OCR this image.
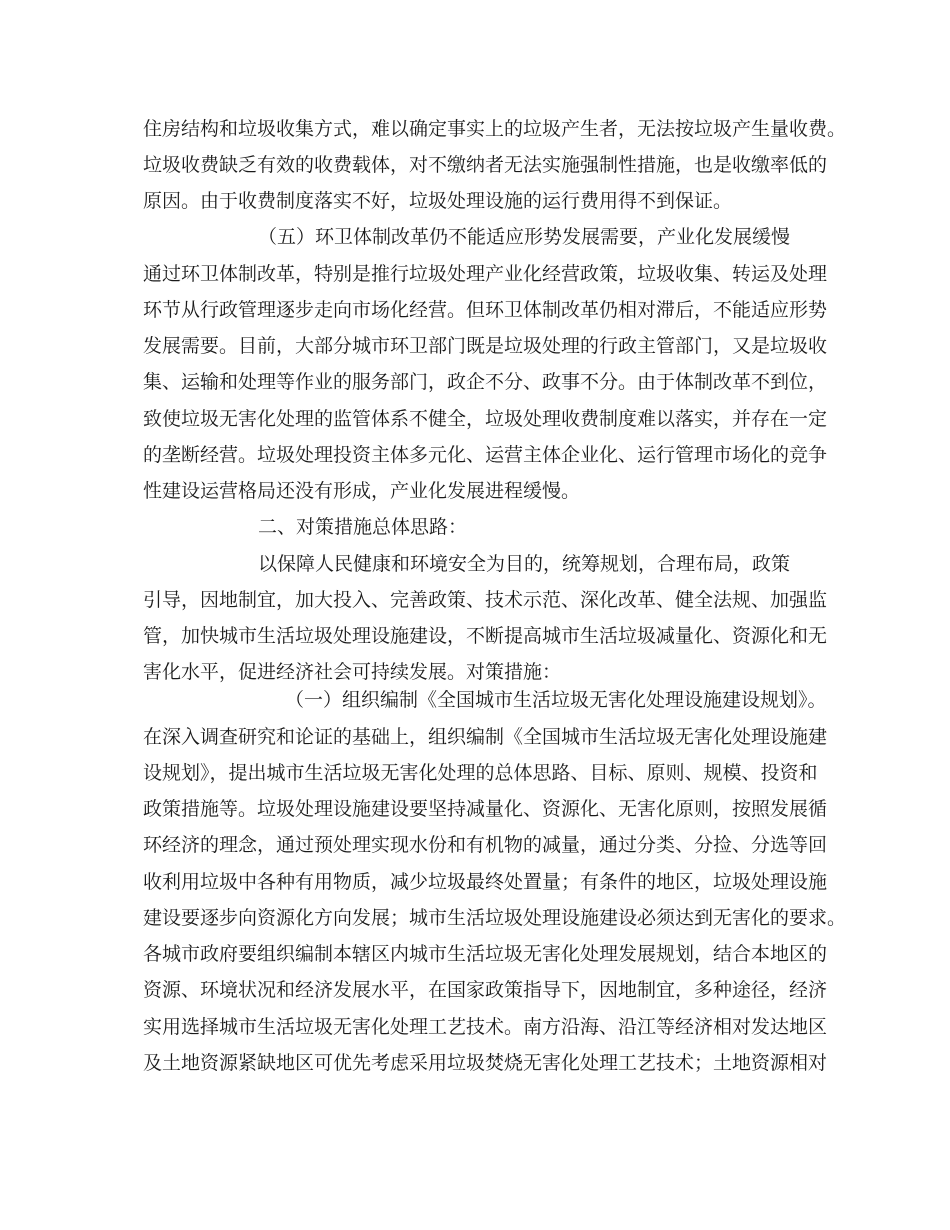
住房结构和垃圾收集方式，难以确定事实上的垃圾产生者，无法按垃圾产生量收费。
垃圾收费缺乏有效的收费载体，对不缴纳者无法实施强制性措施，也是收缴率低的
原因。由于收费制度落实不好，垃圾处理设施的运行费用得不到保证。
（五）环卫体制改革仍不能适应形势发展需要，产业化发展缓慢
通过环卫体制改革，特别是推行垃圾处理产业化经营政策，垃圾收集、转运及处理
环节从行政管理逐步走向市场化经营。但环卫体制改革仍相对滞后，不能适应形势
发展需要。目前，大部分城市环卫部门既是垃圾处理的行政主管部门，又是垃圾收
集、运输和处理等作业的服务部门，政企不分、政事不分。由于体制改革不到位，
致使垃圾无害化处理的监管体系不健全，垃圾处理收费制度难以落实，并存在一定
的垄断经营。垃圾处理投资主体多元化、运营主体企业化、运行管理市场化的竞争
性建设运营格局还没有形成，产业化发展进程缓慢。
二、对策措施总体思路：
以保障人民健康和环境安全为目的，统筹规划，合理布局，政策
引导，因地制宜，加大投入、完善政策、技术示范、深化改革、健全法规、加强监
管，加快城市生活垃圾处理设施建设，不断提高城市生活垃圾减量化、资源化和无
害化水平，促进经济社会可持续发展。对策措施：
（一）组织编制《全国城市生活垃圾无害化处理设施建设规划》。
在深入调查研究和论证的基础上，组织编制《全国城市生活垃圾无害化处理设施建
设规划》，提出城市生活垃圾无害化处理的总体思路、目标、原则、规模、投资和
政策措施等。垃圾处理设施建设要坚持减量化、资源化、无害化原则，按照发展循
环经济的理念，通过预处理实现水份和有机物的减量，通过分类、分捡、分选等回
收利用垃圾中各种有用物质，减少垃圾最终处置量；有条件的地区，垃圾处理设施
建设要逐步向资源化方向发展；城市生活垃圾处理设施建设必须达到无害化的要求。
各城市政府要组织编制本辖区内城市生活垃圾无害化处理发展规划，结合本地区的
资源、环境状况和经济发展水平，在国家政策指导下，因地制宜，多种途径，经济
实用选择城市生活垃圾无害化处理工艺技术。南方沿海、沿江等经济相对发达地区
及土地资源紧缺地区可优先考虑采用垃圾焚烧无害化处理工艺技术；土地资源相对
